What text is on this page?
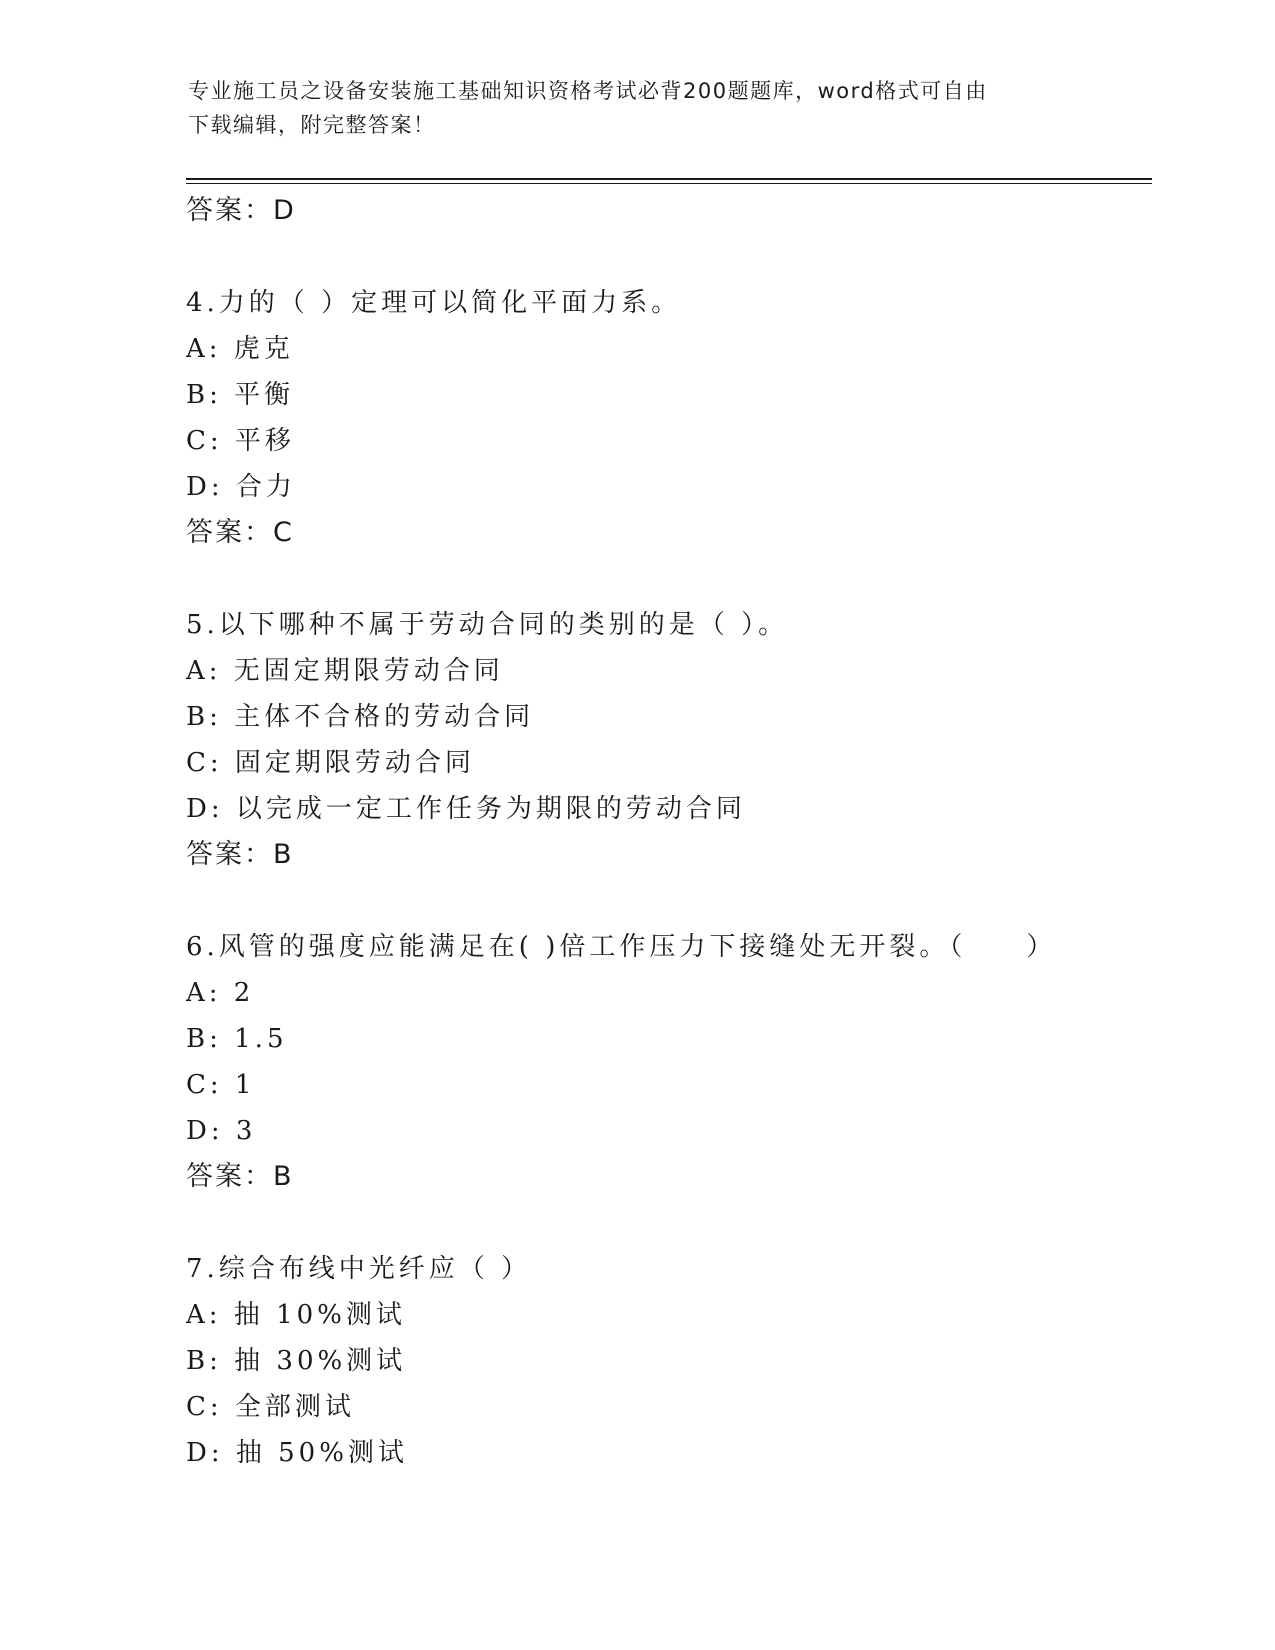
专业施工员之设备安装施工基础知识资格考试必背200题题库，word格式可自由
下载编辑，附完整答案！
答案：D
4.力的（ ）定理可以简化平面力系。
A: 虎克
B: 平衡
C: 平移
D: 合力
答案：C
5.以下哪种不属于劳动合同的类别的是（ ）。
A: 无固定期限劳动合同
B: 主体不合格的劳动合同
C: 固定期限劳动合同
D: 以完成一定工作任务为期限的劳动合同
答案：B
6.风管的强度应能满足在( )倍工作压力下接缝处无开裂。（　　）
A: 2
B: 1.5
C: 1
D: 3
答案：B
7.综合布线中光纤应（ ）
A: 抽 10%测试
B: 抽 30%测试
C: 全部测试
D: 抽 50%测试
